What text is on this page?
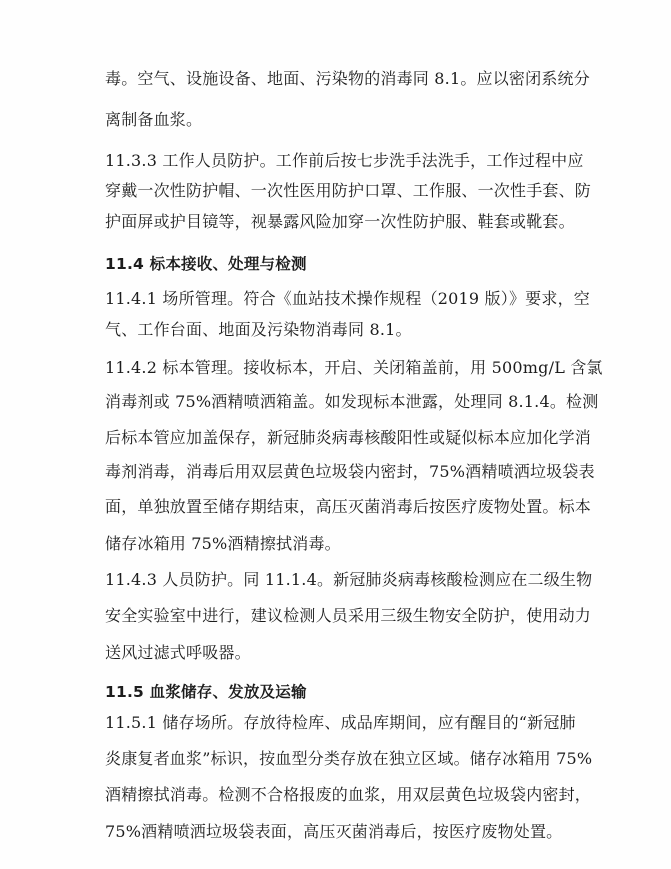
毒。空气、设施设备、地面、污染物的消毒同 8.1。应以密闭系统分
离制备血浆。
11.3.3 工作人员防护。工作前后按七步洗手法洗手，工作过程中应
穿戴一次性防护帽、一次性医用防护口罩、工作服、一次性手套、防
护面屏或护目镜等，视暴露风险加穿一次性防护服、鞋套或靴套。
11.4 标本接收、处理与检测
11.4.1 场所管理。符合《血站技术操作规程（2019 版）》要求，空
气、工作台面、地面及污染物消毒同 8.1。
11.4.2 标本管理。接收标本，开启、关闭箱盖前，用 500mg/L 含氯
消毒剂或 75%酒精喷洒箱盖。如发现标本泄露，处理同 8.1.4。检测
后标本管应加盖保存，新冠肺炎病毒核酸阳性或疑似标本应加化学消
毒剂消毒，消毒后用双层黄色垃圾袋内密封，75%酒精喷洒垃圾袋表
面，单独放置至储存期结束，高压灭菌消毒后按医疗废物处置。标本
储存冰箱用 75%酒精擦拭消毒。
11.4.3 人员防护。同 11.1.4。新冠肺炎病毒核酸检测应在二级生物
安全实验室中进行，建议检测人员采用三级生物安全防护，使用动力
送风过滤式呼吸器。
11.5 血浆储存、发放及运输
11.5.1 储存场所。存放待检库、成品库期间，应有醒目的“新冠肺
炎康复者血浆”标识，按血型分类存放在独立区域。储存冰箱用 75%
酒精擦拭消毒。检测不合格报废的血浆，用双层黄色垃圾袋内密封，
75%酒精喷洒垃圾袋表面，高压灭菌消毒后，按医疗废物处置。
